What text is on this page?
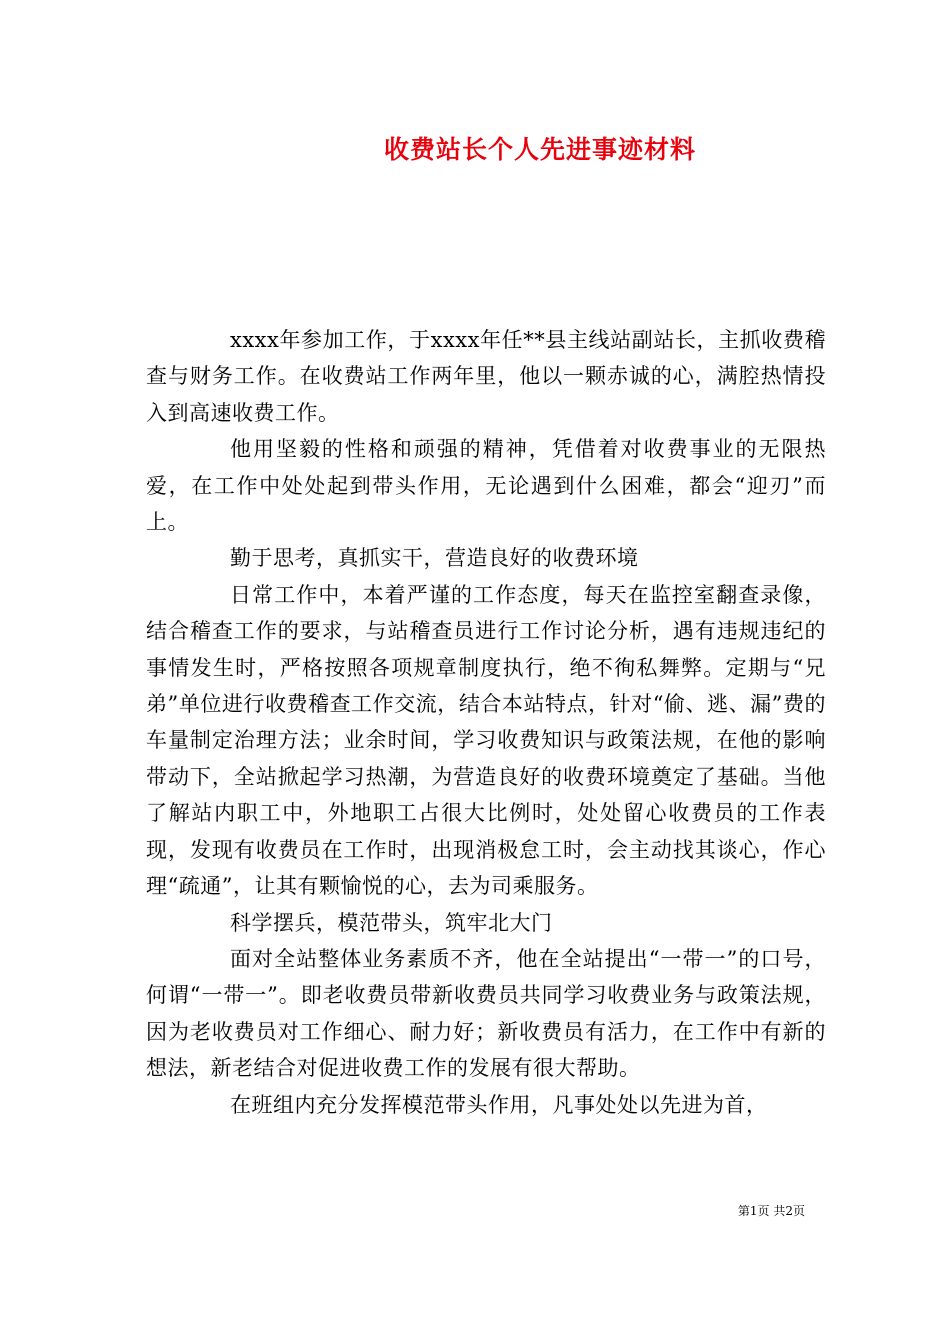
收费站长个人先进事迹材料

xxxx年参加工作，于xxxx年任**县主线站副站长，主抓收费稽查与财务工作。在收费站工作两年里，他以一颗赤诚的心，满腔热情投入到高速收费工作。

他用坚毅的性格和顽强的精神，凭借着对收费事业的无限热爱，在工作中处处起到带头作用，无论遇到什么困难，都会“迎刃”而上。

勤于思考，真抓实干，营造良好的收费环境

日常工作中，本着严谨的工作态度，每天在监控室翻查录像，结合稽查工作的要求，与站稽查员进行工作讨论分析，遇有违规违纪的事情发生时，严格按照各项规章制度执行，绝不徇私舞弊。定期与“兄弟”单位进行收费稽查工作交流，结合本站特点，针对“偷、逃、漏”费的车量制定治理方法；业余时间，学习收费知识与政策法规，在他的影响带动下，全站掀起学习热潮，为营造良好的收费环境奠定了基础。当他了解站内职工中，外地职工占很大比例时，处处留心收费员的工作表现，发现有收费员在工作时，出现消极怠工时，会主动找其谈心，作心理“疏通”，让其有颗愉悦的心，去为司乘服务。

科学摆兵，模范带头，筑牢北大门

面对全站整体业务素质不齐，他在全站提出“一带一”的口号，何谓“一带一”。即老收费员带新收费员共同学习收费业务与政策法规，因为老收费员对工作细心、耐力好；新收费员有活力，在工作中有新的想法，新老结合对促进收费工作的发展有很大帮助。

在班组内充分发挥模范带头作用，凡事处处以先进为首，

第1页 共2页
